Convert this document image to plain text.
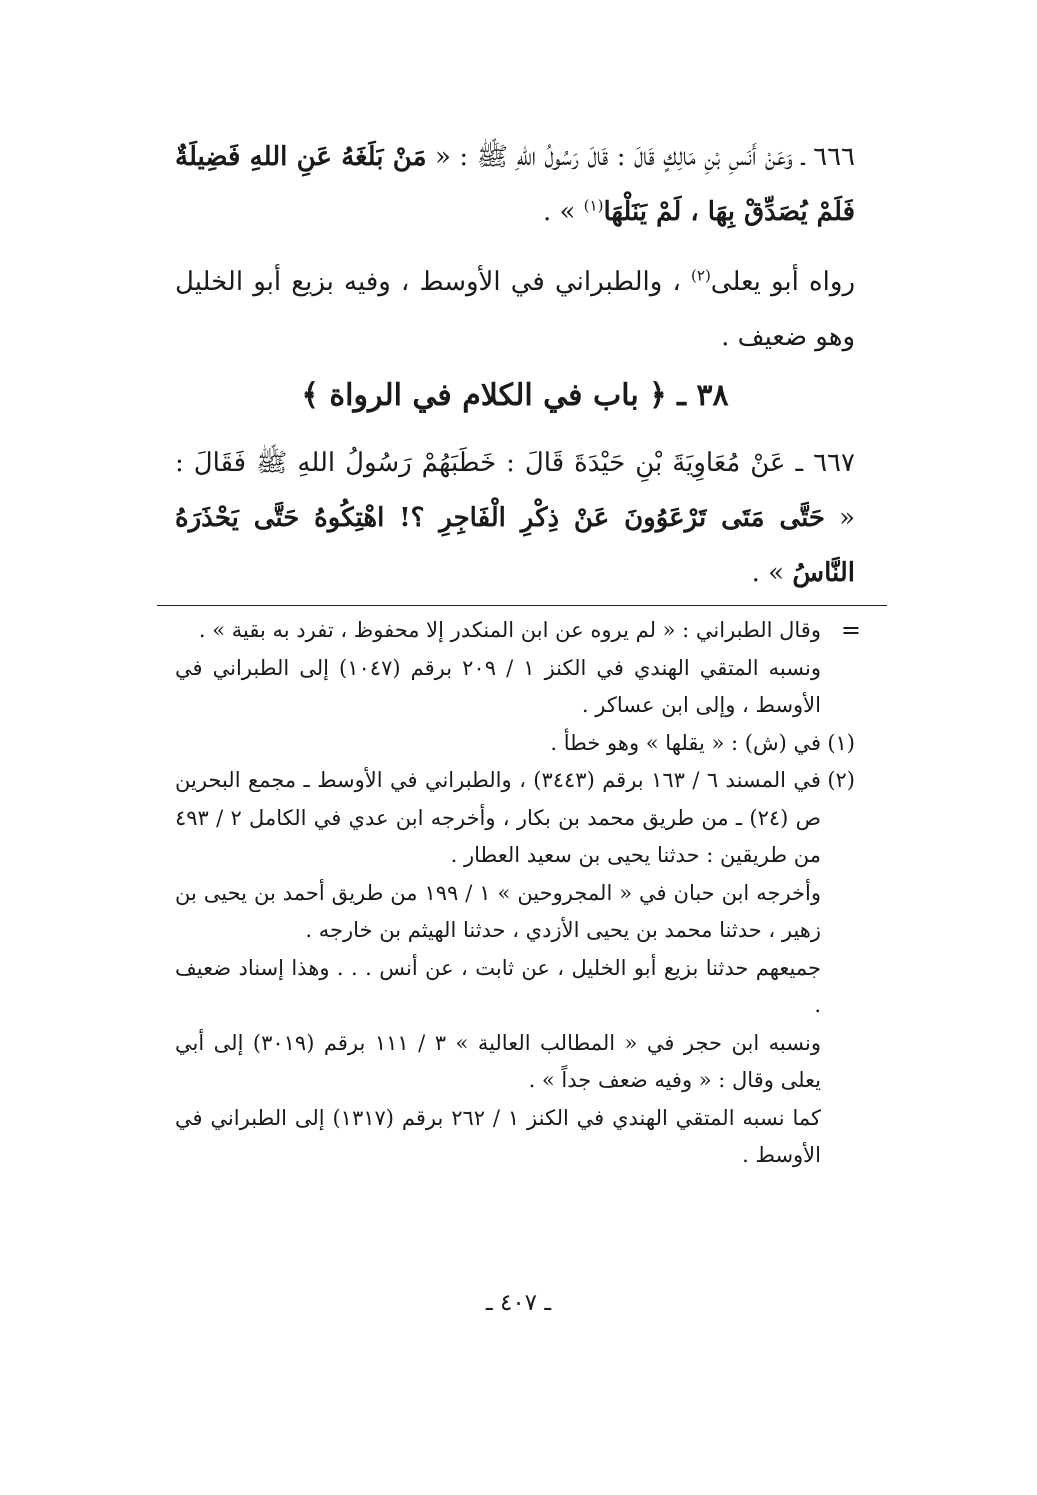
٦٦٦ ـ وَعَنْ أَنَسِ بْنِ مَالِكٍ قَالَ : قَالَ رَسُولُ اللهِ ﷺ : « مَنْ بَلَغَهُ عَنِ اللهِ فَضِيلَةٌ فَلَمْ يُصَدِّقْ بِهَا ، لَمْ يَنَلْهَا$^{(١)}$ » .
رواه أبو يعلى$^{(٢)}$ ، والطبراني في الأوسط ، وفيه بزيع أبو الخليل وهو ضعيف .
٣٨ ـ ﴿ باب في الكلام في الرواة ﴾
٦٦٧ ـ عَنْ مُعَاوِيَةَ بْنِ حَيْدَةَ قَالَ : خَطَبَهُمْ رَسُولُ اللهِ ﷺ فَقَالَ : « حَتَّى مَتَى تَرْعَوُونَ عَنْ ذِكْرِ الْفَاجِرِ ؟! اهْتِكُوهُ حَتَّى يَحْذَرَهُ النَّاسُ » .
=
وقال الطبراني : « لم يروه عن ابن المنكدر إلا محفوظ ، تفرد به بقية » .
ونسبه المتقي الهندي في الكنز ١ / ٢٠٩ برقم (١٠٤٧) إلى الطبراني في الأوسط ، وإلى ابن عساكر .
(١)
في (ش) : « يقلها » وهو خطأ .
(٢)
في المسند ٦ / ١٦٣ برقم (٣٤٤٣) ، والطبراني في الأوسط ـ مجمع البحرين ص (٢٤) ـ من طريق محمد بن بكار ، وأخرجه ابن عدي في الكامل ٢ / ٤٩٣ من طريقين : حدثنا يحيى بن سعيد العطار .
وأخرجه ابن حبان في « المجروحين » ١ / ١٩٩ من طريق أحمد بن يحيى بن زهير ، حدثنا محمد بن يحيى الأزدي ، حدثنا الهيثم بن خارجه .
جميعهم حدثنا بزيع أبو الخليل ، عن ثابت ، عن أنس . . . وهذا إسناد ضعيف .
ونسبه ابن حجر في « المطالب العالية » ٣ / ١١١ برقم (٣٠١٩) إلى أبي يعلى وقال : « وفيه ضعف جداً » .
كما نسبه المتقي الهندي في الكنز ١ / ٢٦٢ برقم (١٣١٧) إلى الطبراني في الأوسط .
ـ ٤٠٧ ـ
